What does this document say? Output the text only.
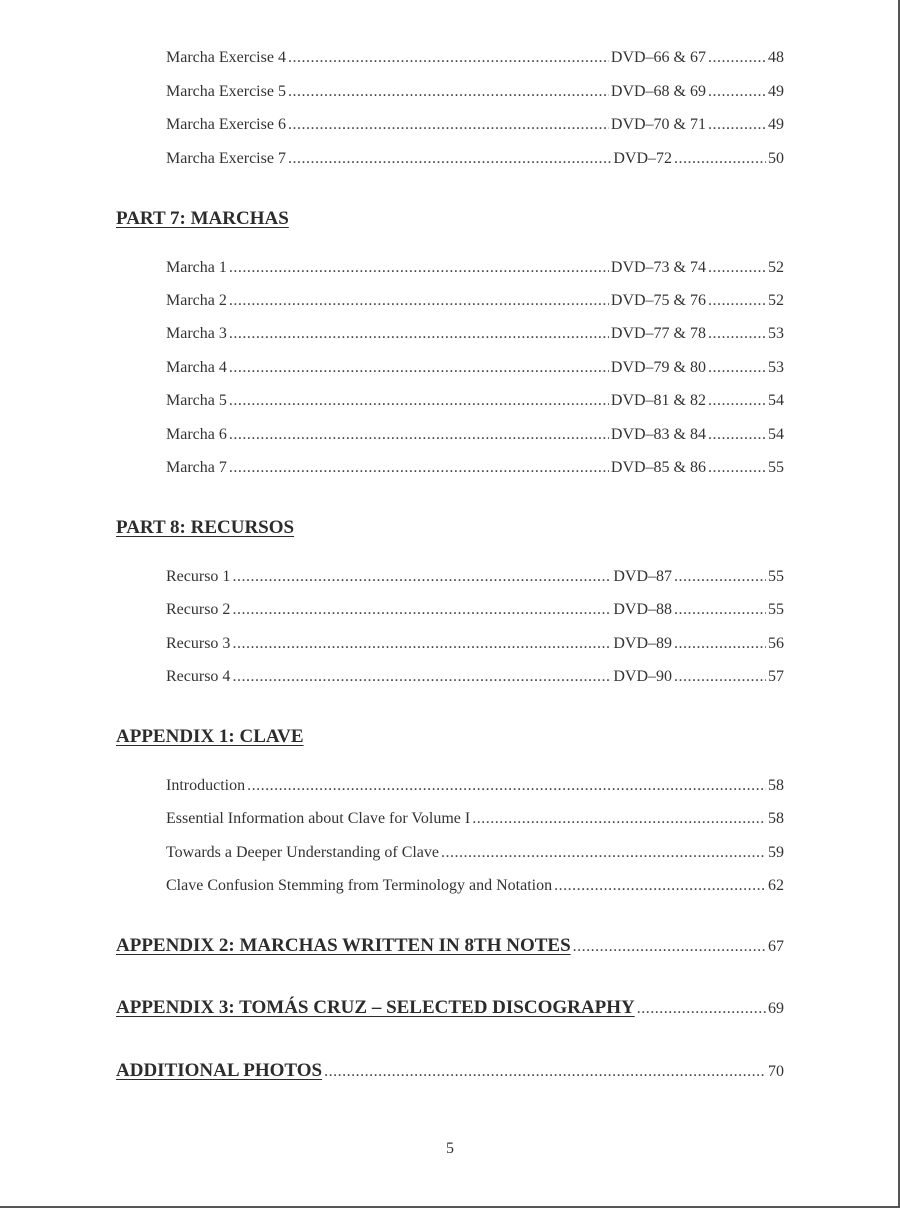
Marcha Exercise 4 .....	DVD–66 & 67 .....	48
Marcha Exercise 5 .....	DVD–68 & 69 .....	49
Marcha Exercise 6 .....	DVD–70 & 71 .....	49
Marcha Exercise 7 .....	DVD–72 .....	50
PART 7: MARCHAS
Marcha 1 .....	DVD–73 & 74 .....	52
Marcha 2 .....	DVD–75 & 76 .....	52
Marcha 3 .....	DVD–77 & 78 .....	53
Marcha 4 .....	DVD–79 & 80 .....	53
Marcha 5 .....	DVD–81 & 82 .....	54
Marcha 6 .....	DVD–83 & 84 .....	54
Marcha 7 .....	DVD–85 & 86 .....	55
PART 8: RECURSOS
Recurso 1 .....	DVD–87 .....	55
Recurso 2 .....	DVD–88 .....	55
Recurso 3 .....	DVD–89 .....	56
Recurso 4 .....	DVD–90 .....	57
APPENDIX 1: CLAVE
Introduction .....	58
Essential Information about Clave for Volume I .....	58
Towards a Deeper Understanding of Clave .....	59
Clave Confusion Stemming from Terminology and Notation .....	62
APPENDIX 2: MARCHAS WRITTEN IN 8TH NOTES .....	67
APPENDIX 3: TOMÁS CRUZ – SELECTED DISCOGRAPHY .....	69
ADDITIONAL PHOTOS .....	70
5
